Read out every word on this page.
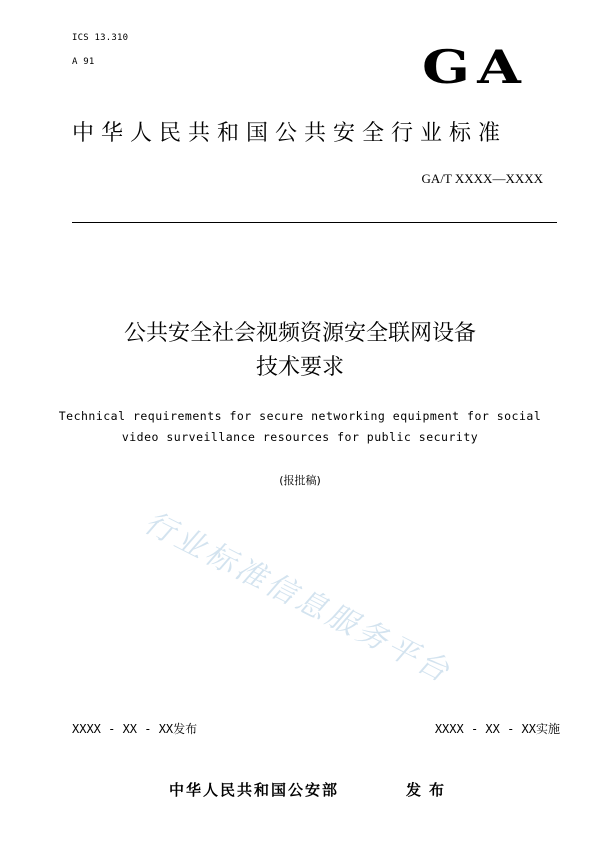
ICS 13.310
A 91	GA
中华人民共和国公共安全行业标准
GA/T XXXX—XXXX
公共安全社会视频资源安全联网设备
技术要求
Technical requirements for secure networking equipment for social
video surveillance resources for public security
(报批稿)
行业标准信息服务平台
XXXX - XX - XX发布	XXXX - XX - XX实施
中华人民共和国公安部	发布
